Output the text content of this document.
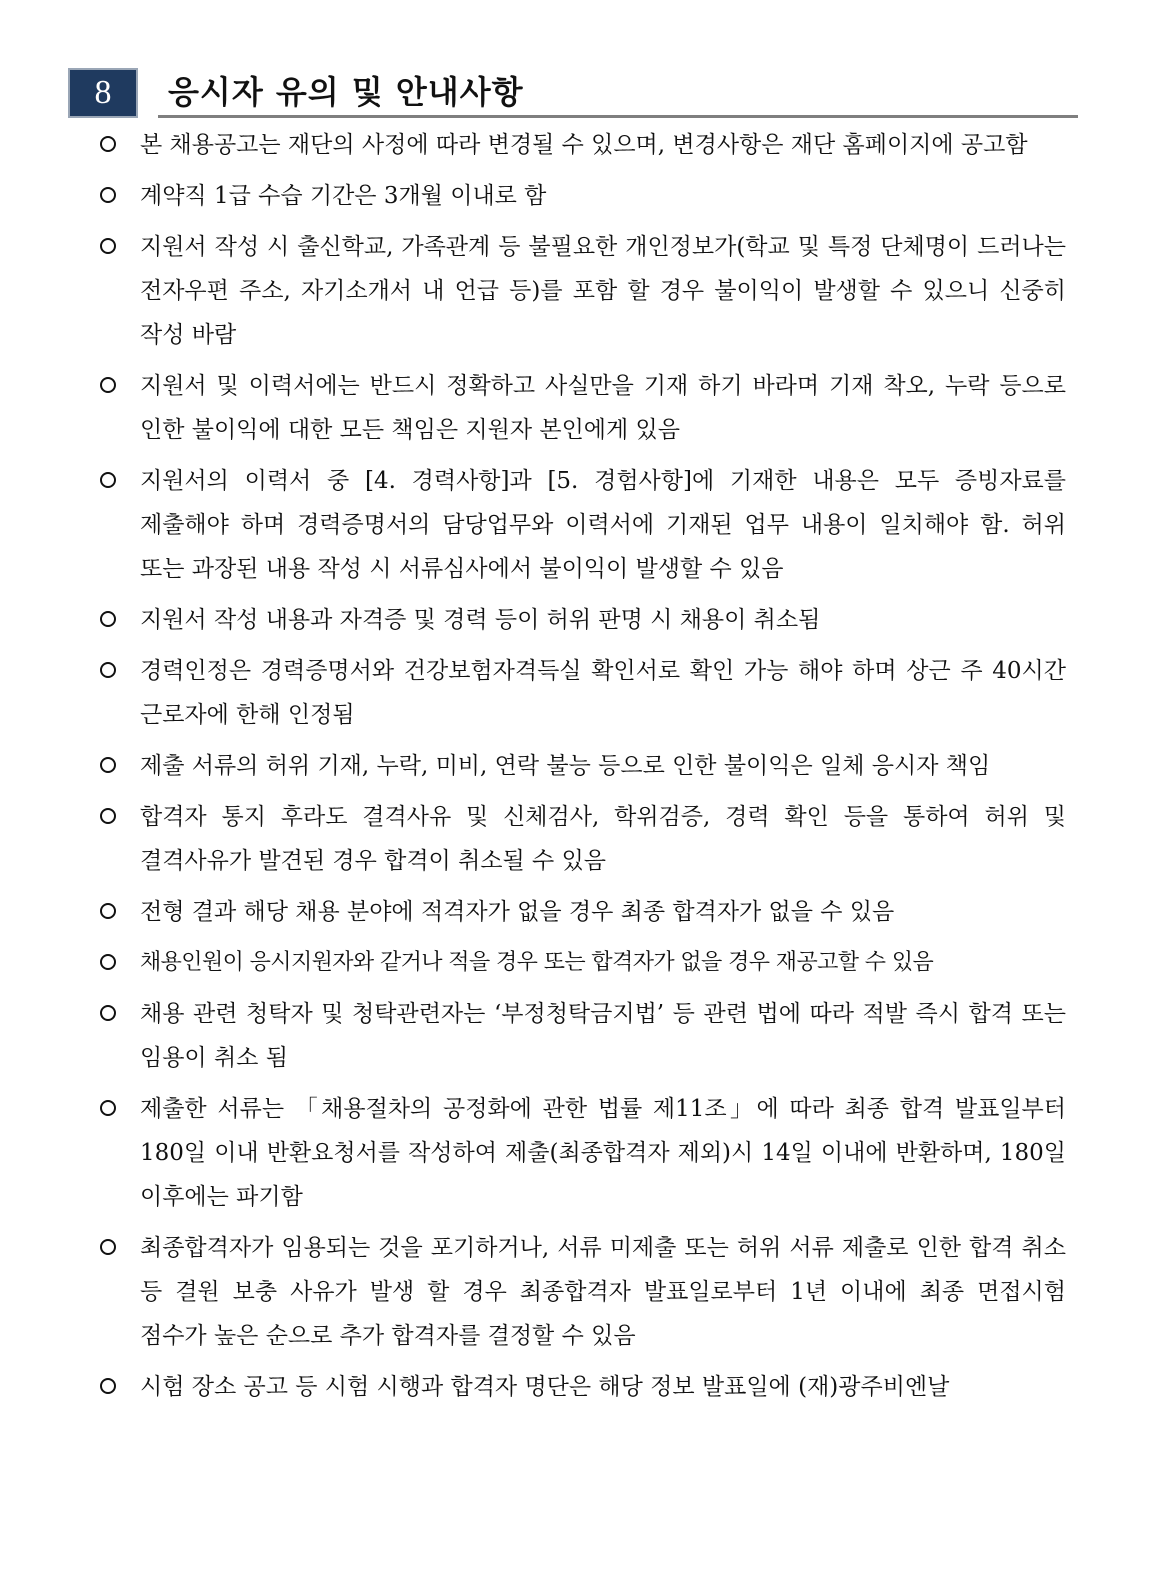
8	응시자 유의 및 안내사항
본 채용공고는 재단의 사정에 따라 변경될 수 있으며, 변경사항은 재단 홈페이지에 공고함
계약직 1급 수습 기간은 3개월 이내로 함
지원서 작성 시 출신학교, 가족관계 등 불필요한 개인정보가(학교 및 특정 단체명이 드러나는 전자우편 주소, 자기소개서 내 언급 등)를 포함 할 경우 불이익이 발생할 수 있으니 신중히 작성 바람
지원서 및 이력서에는 반드시 정확하고 사실만을 기재 하기 바라며 기재 착오, 누락 등으로 인한 불이익에 대한 모든 책임은 지원자 본인에게 있음
지원서의 이력서 중 [4. 경력사항]과 [5. 경험사항]에 기재한 내용은 모두 증빙자료를 제출해야 하며 경력증명서의 담당업무와 이력서에 기재된 업무 내용이 일치해야 함. 허위 또는 과장된 내용 작성 시 서류심사에서 불이익이 발생할 수 있음
지원서 작성 내용과 자격증 및 경력 등이 허위 판명 시 채용이 취소됨
경력인정은 경력증명서와 건강보험자격득실 확인서로 확인 가능 해야 하며 상근 주 40시간 근로자에 한해 인정됨
제출 서류의 허위 기재, 누락, 미비, 연락 불능 등으로 인한 불이익은 일체 응시자 책임
합격자 통지 후라도 결격사유 및 신체검사, 학위검증, 경력 확인 등을 통하여 허위 및 결격사유가 발견된 경우 합격이 취소될 수 있음
전형 결과 해당 채용 분야에 적격자가 없을 경우 최종 합격자가 없을 수 있음
채용인원이 응시지원자와 같거나 적을 경우 또는 합격자가 없을 경우 재공고할 수 있음
채용 관련 청탁자 및 청탁관련자는 ‘부정청탁금지법’ 등 관련 법에 따라 적발 즉시 합격 또는 임용이 취소 됨
제출한 서류는 「채용절차의 공정화에 관한 법률 제11조」에 따라 최종 합격 발표일부터 180일 이내 반환요청서를 작성하여 제출(최종합격자 제외)시 14일 이내에 반환하며, 180일 이후에는 파기함
최종합격자가 임용되는 것을 포기하거나, 서류 미제출 또는 허위 서류 제출로 인한 합격 취소 등 결원 보충 사유가 발생 할 경우 최종합격자 발표일로부터 1년 이내에 최종 면접시험 점수가 높은 순으로 추가 합격자를 결정할 수 있음
시험 장소 공고 등 시험 시행과 합격자 명단은 해당 정보 발표일에 (재)광주비엔날
